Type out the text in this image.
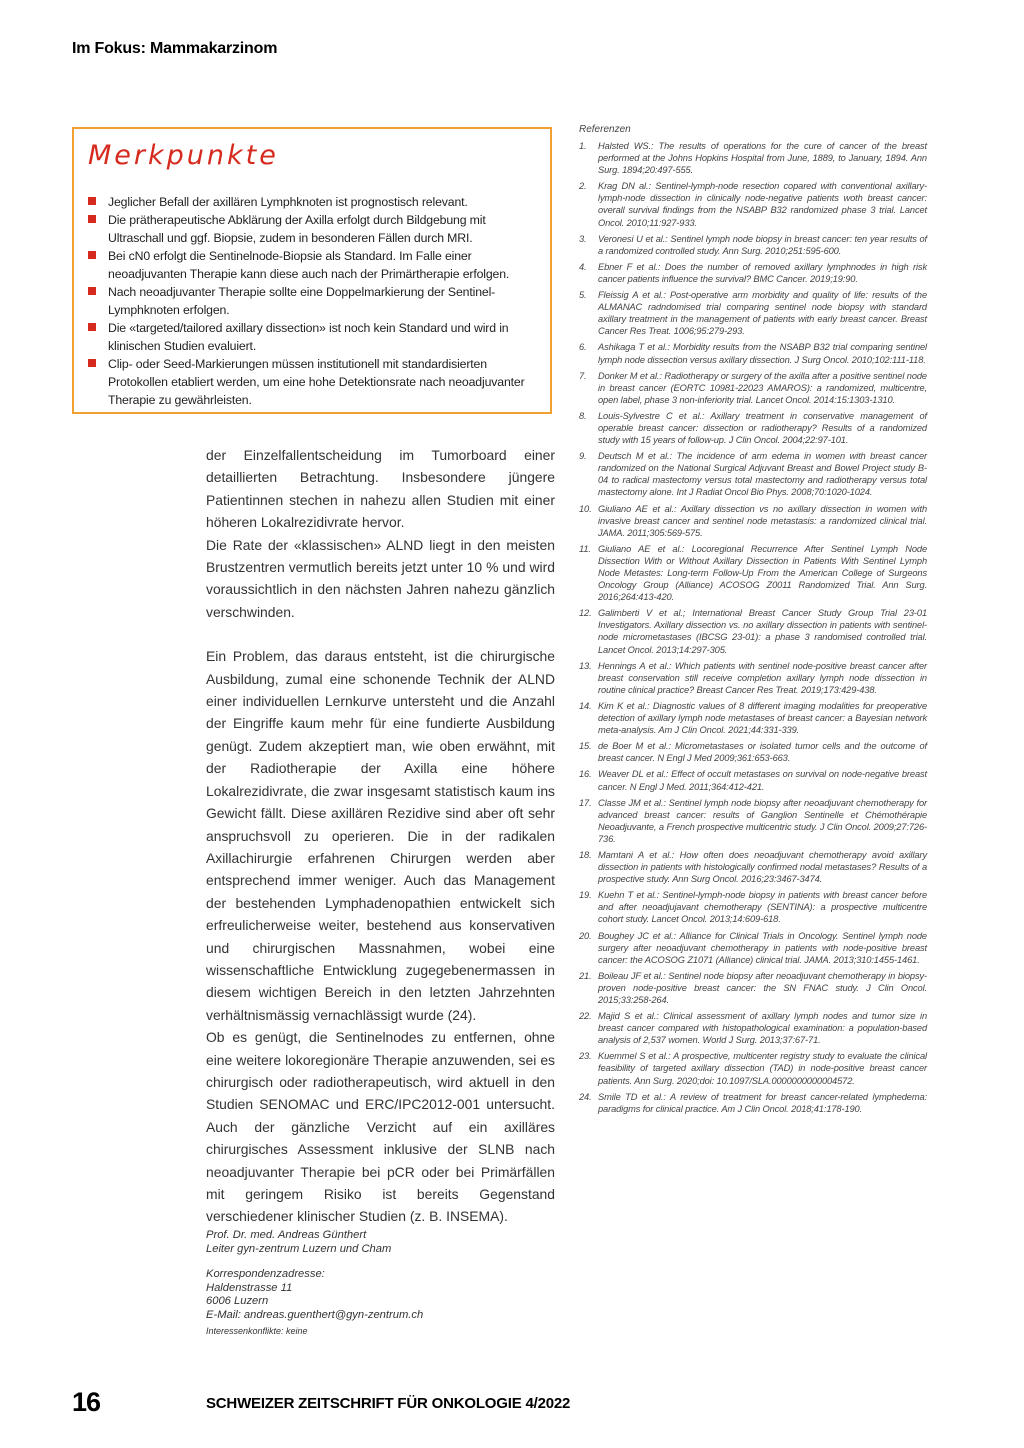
Im Fokus: Mammakarzinom
Merkpunkte
Jeglicher Befall der axillären Lymphknoten ist prognostisch relevant.
Die prätherapeutische Abklärung der Axilla erfolgt durch Bildgebung mit Ultraschall und ggf. Biopsie, zudem in besonderen Fällen durch MRI.
Bei cN0 erfolgt die Sentinelnode-Biopsie als Standard. Im Falle einer neoadjuvanten Therapie kann diese auch nach der Primärtherapie erfolgen.
Nach neoadjuvanter Therapie sollte eine Doppelmarkierung der Sentinel-Lymphknoten erfolgen.
Die «targeted/tailored axillary dissection» ist noch kein Standard und wird in klinischen Studien evaluiert.
Clip- oder Seed-Markierungen müssen institutionell mit standardisierten Protokollen etabliert werden, um eine hohe Detektionsrate nach neoadjuvanter Therapie zu gewährleisten.

der Einzelfallentscheidung im Tumorboard einer detaillierten Betrachtung. Insbesondere jüngere Patientinnen stechen in nahezu allen Studien mit einer höheren Lokalrezidivrate hervor.

Die Rate der «klassischen» ALND liegt in den meisten Brustzentren vermutlich bereits jetzt unter 10 % und wird voraussichtlich in den nächsten Jahren nahezu gänzlich verschwinden.

Ein Problem, das daraus entsteht, ist die chirurgische Ausbildung, zumal eine schonende Technik der ALND einer individuellen Lernkurve untersteht und die Anzahl der Eingriffe kaum mehr für eine fundierte Ausbildung genügt. Zudem akzeptiert man, wie oben erwähnt, mit der Radiotherapie der Axilla eine höhere Lokalrezidivrate, die zwar insgesamt statistisch kaum ins Gewicht fällt. Diese axillären Rezidive sind aber oft sehr anspruchsvoll zu operieren. Die in der radikalen Axillachirurgie erfahrenen Chirurgen werden aber entsprechend immer weniger. Auch das Management der bestehenden Lymphadenopathien entwickelt sich erfreulicherweise weiter, bestehend aus konservativen und chirurgischen Massnahmen, wobei eine wissenschaftliche Entwicklung zugegebenermassen in diesem wichtigen Bereich in den letzten Jahrzehnten verhältnismässig vernachlässigt wurde (24).

Ob es genügt, die Sentinelnodes zu entfernen, ohne eine weitere lokoregionäre Therapie anzuwenden, sei es chirurgisch oder radiotherapeutisch, wird aktuell in den Studien SENOMAC und ERC/IPC2012-001 untersucht. Auch der gänzliche Verzicht auf ein axilläres chirurgisches Assessment inklusive der SLNB nach neoadjuvanter Therapie bei pCR oder bei Primärfällen mit geringem Risiko ist bereits Gegenstand verschiedener klinischer Studien (z. B. INSEMA).

Prof. Dr. med. Andreas Günthert
Leiter gyn-zentrum Luzern und Cham
Korrespondenzadresse:
Haldenstrasse 11
6006 Luzern
E-Mail: andreas.guenthert@gyn-zentrum.ch
Interessenkonflikte: keine
Referenzen
1. Halsted WS.: The results of operations for the cure of cancer of the breast performed at the Johns Hopkins Hospital from June, 1889, to January, 1894. Ann Surg. 1894;20:497-555.
2. Krag DN al.: Sentinel-lymph-node resection copared with conventional axillary-lymph-node dissection in clinically node-negative patients woth breast cancer: overall survival findings from the NSABP B32 randomized phase 3 trial. Lancet Oncol. 2010;11:927-933.
3. Veronesi U et al.: Sentinel lymph node biopsy in breast cancer: ten year results of a randomized controlled study. Ann Surg. 2010;251:595-600.
4. Ebner F et al.: Does the number of removed axillary lymphnodes in high risk cancer patients influence the survival? BMC Cancer. 2019;19:90.
5. Fleissig A et al.: Post-operative arm morbidity and quality of life: results of the ALMANAC radndomised trial comparing sentinel node biopsy with standard axillary treatment in the management of patients with early breast cancer. Breast Cancer Res Treat. 1006;95:279-293.
6. Ashikaga T et al.: Morbidity results from the NSABP B32 trial comparing sentinel lymph node dissection versus axillary dissection. J Surg Oncol. 2010;102:111-118.
7. Donker M et al.: Radiotherapy or surgery of the axilla after a positive sentinel node in breast cancer (EORTC 10981-22023 AMAROS): a randomized, multicentre, open label, phase 3 non-inferiority trial. Lancet Oncol. 2014:15:1303-1310.
8. Louis-Sylvestre C et al.: Axillary treatment in conservative management of operable breast cancer: dissection or radiotherapy? Results of a randomized study with 15 years of follow-up. J Clin Oncol. 2004;22:97-101.
9. Deutsch M et al.: The incidence of arm edema in women with breast cancer randomized on the National Surgical Adjuvant Breast and Bowel Project study B-04 to radical mastectomy versus total mastectomy and radiotherapy versus total mastectomy alone. Int J Radiat Oncol Bio Phys. 2008;70:1020-1024.
10. Giuliano AE et al.: Axillary dissection vs no axillary dissection in women with invasive breast cancer and sentinel node metastasis: a randomized clinical trial. JAMA. 2011;305:569-575.
11. Giuliano AE et al.: Locoregional Recurrence After Sentinel Lymph Node Dissection With or Without Axillary Dissection in Patients With Sentinel Lymph Node Metastes: Long-term Follow-Up From the American College of Surgeons Oncology Group (Alliance) ACOSOG Z0011 Randomized Trial. Ann Surg. 2016;264:413-420.
12. Galimberti V et al.; International Breast Cancer Study Group Trial 23-01 Investigators. Axillary dissection vs. no axillary dissection in patients with sentinel-node micrometastases (IBCSG 23-01): a phase 3 randomised controlled trial. Lancet Oncol. 2013;14:297-305.
13. Hennings A et al.: Which patients with sentinel node-positive breast cancer after breast conservation still receive completion axillary lymph node dissection in routine clinical practice? Breast Cancer Res Treat. 2019;173:429-438.
14. Kim K et al.: Diagnostic values of 8 different imaging modalities for preoperative detection of axillary lymph node metastases of breast cancer: a Bayesian network meta-analysis. Am J Clin Oncol. 2021;44:331-339.
15. de Boer M et al.: Micrometastases or isolated tumor cells and the outcome of breast cancer. N Engl J Med 2009;361:653-663.
16. Weaver DL et al.: Effect of occult metastases on survival on node-negative breast cancer. N Engl J Med. 2011;364:412-421.
17. Classe JM et al.: Sentinel lymph node biopsy after neoadjuvant chemotherapy for advanced breast cancer: results of Ganglion Sentinelle et Chémothérapie Neoadjuvante, a French prospective multicentric study. J Clin Oncol. 2009;27:726-736.
18. Mamtani A et al.: How often does neoadjuvant chemotherapy avoid axillary dissection in patients with histologically confirmed nodal metastases? Results of a prospective study. Ann Surg Oncol. 2016;23:3467-3474.
19. Kuehn T et al.: Sentinel-lymph-node biopsy in patients with breast cancer before and after neoadjujavant chemotherapy (SENTINA): a prospective multicentre cohort study. Lancet Oncol. 2013;14:609-618.
20. Boughey JC et al.: Alliance for Clinical Trials in Oncology. Sentinel lymph node surgery after neoadjuvant chemotherapy in patients with node-positive breast cancer: the ACOSOG Z1071 (Alliance) clinical trial. JAMA. 2013;310:1455-1461.
21. Boileau JF et al.: Sentinel node biopsy after neoadjuvant chemotherapy in biopsy-proven node-positive breast cancer: the SN FNAC study. J Clin Oncol. 2015;33:258-264.
22. Majid S et al.: Clinical assessment of axillary lymph nodes and tumor size in breast cancer compared with histopathological examination: a population-based analysis of 2,537 women. World J Surg. 2013;37:67-71.
23. Kuemmel S et al.: A prospective, multicenter registry study to evaluate the clinical feasibility of targeted axillary dissection (TAD) in node-positive breast cancer patients. Ann Surg. 2020;doi: 10.1097/SLA.0000000000004572.
24. Smile TD et al.: A review of treatment for breast cancer-related lymphedema: paradigms for clinical practice. Am J Clin Oncol. 2018;41:178-190.
16	SCHWEIZER ZEITSCHRIFT FÜR ONKOLOGIE 4/2022
